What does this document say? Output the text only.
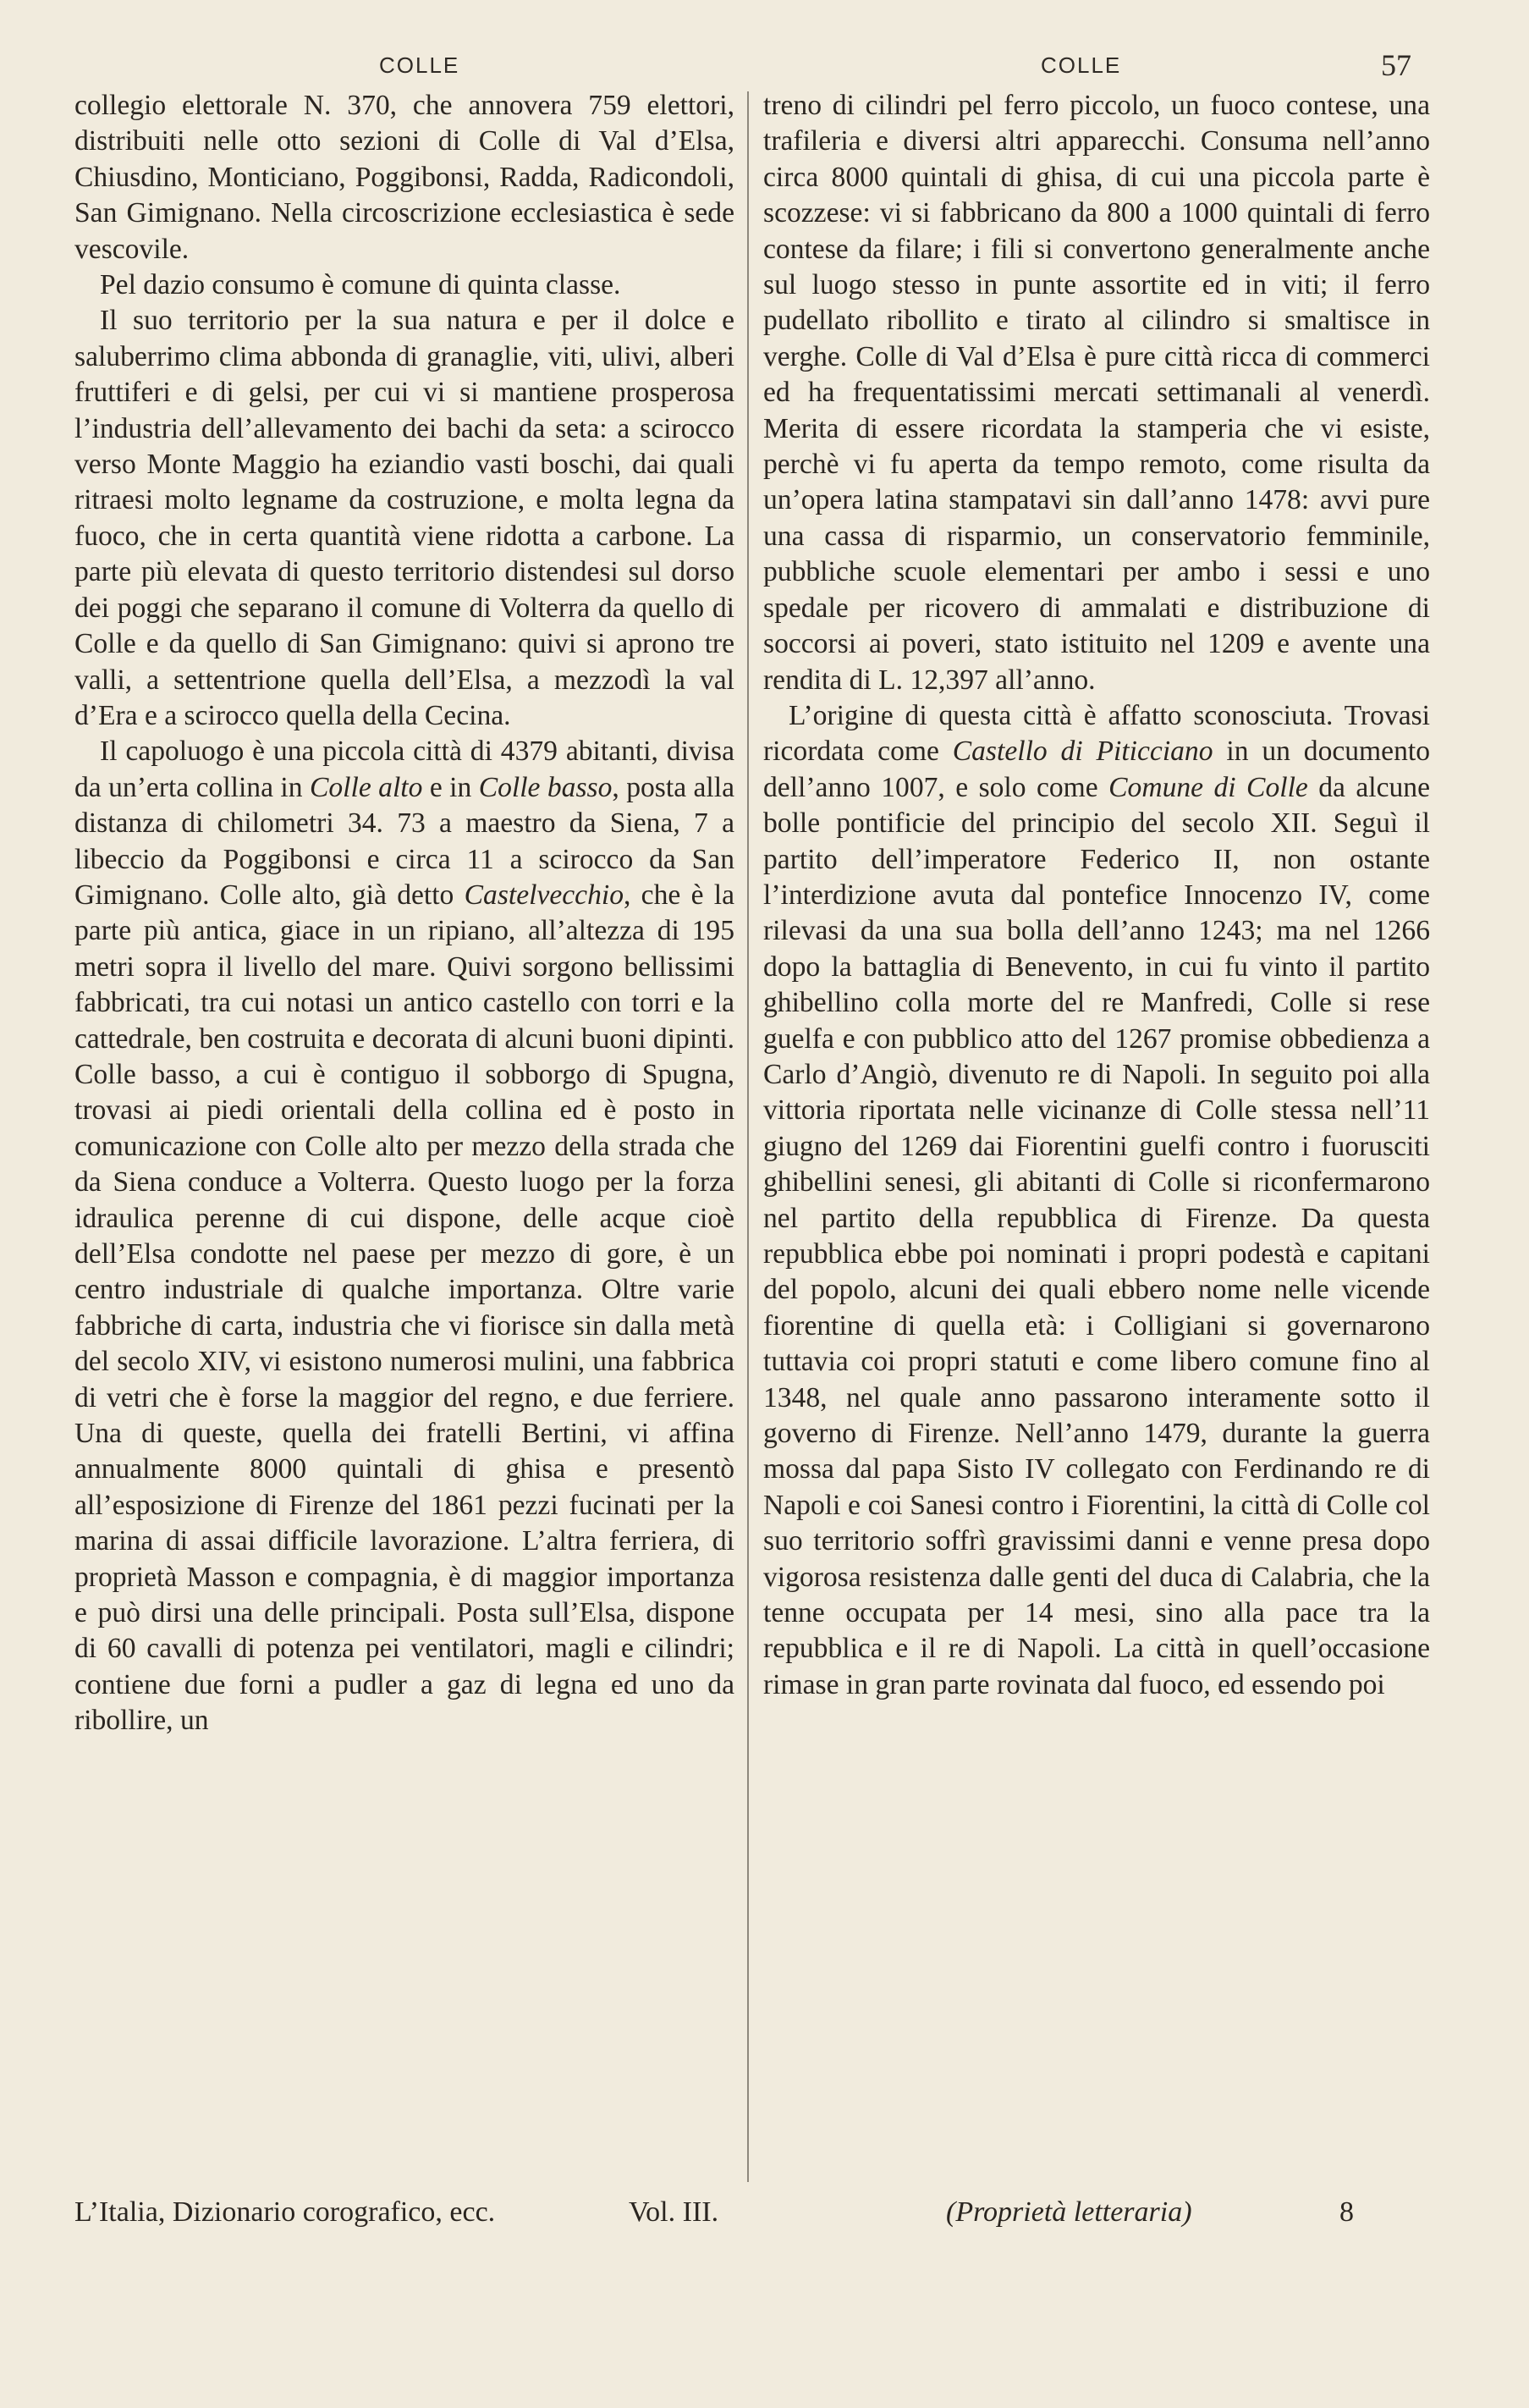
COLLE	COLLE	57

collegio elettorale N. 370, che annovera 759 elettori, distribuiti nelle otto sezioni di Colle di Val d’Elsa, Chiusdino, Monticiano, Poggibonsi, Radda, Radicondoli, San Gimignano. Nella circoscrizione ecclesiastica è sede vescovile.

Pel dazio consumo è comune di quinta classe.

Il suo territorio per la sua natura e per il dolce e saluberrimo clima abbonda di granaglie, viti, ulivi, alberi fruttiferi e di gelsi, per cui vi si mantiene prosperosa l’industria dell’allevamento dei bachi da seta: a scirocco verso Monte Maggio ha eziandio vasti boschi, dai quali ritraesi molto legname da costruzione, e molta legna da fuoco, che in certa quantità viene ridotta a carbone. La parte più elevata di questo territorio distendesi sul dorso dei poggi che separano il comune di Volterra da quello di Colle e da quello di San Gimignano: quivi si aprono tre valli, a settentrione quella dell’Elsa, a mezzodì la val d’Era e a scirocco quella della Cecina.

Il capoluogo è una piccola città di 4379 abitanti, divisa da un’erta collina in Colle alto e in Colle basso, posta alla distanza di chilometri 34. 73 a maestro da Siena, 7 a libeccio da Poggibonsi e circa 11 a scirocco da San Gimignano. Colle alto, già detto Castelvecchio, che è la parte più antica, giace in un ripiano, all’altezza di 195 metri sopra il livello del mare. Quivi sorgono bellissimi fabbricati, tra cui notasi un antico castello con torri e la cattedrale, ben costruita e decorata di alcuni buoni dipinti. Colle basso, a cui è contiguo il sobborgo di Spugna, trovasi ai piedi orientali della collina ed è posto in comunicazione con Colle alto per mezzo della strada che da Siena conduce a Volterra. Questo luogo per la forza idraulica perenne di cui dispone, delle acque cioè dell’Elsa condotte nel paese per mezzo di gore, è un centro industriale di qualche importanza. Oltre varie fabbriche di carta, industria che vi fiorisce sin dalla metà del secolo XIV, vi esistono numerosi mulini, una fabbrica di vetri che è forse la maggior del regno, e due ferriere. Una di queste, quella dei fratelli Bertini, vi affina annualmente 8000 quintali di ghisa e presentò all’esposizione di Firenze del 1861 pezzi fucinati per la marina di assai difficile lavorazione. L’altra ferriera, di proprietà Masson e compagnia, è di maggior importanza e può dirsi una delle principali. Posta sull’Elsa, dispone di 60 cavalli di potenza pei ventilatori, magli e cilindri; contiene due forni a pudler a gaz di legna ed uno da ribollire, un

treno di cilindri pel ferro piccolo, un fuoco contese, una trafileria e diversi altri apparecchi. Consuma nell’anno circa 8000 quintali di ghisa, di cui una piccola parte è scozzese: vi si fabbricano da 800 a 1000 quintali di ferro contese da filare; i fili si convertono generalmente anche sul luogo stesso in punte assortite ed in viti; il ferro pudellato ribollito e tirato al cilindro si smaltisce in verghe. Colle di Val d’Elsa è pure città ricca di commerci ed ha frequentatissimi mercati settimanali al venerdì. Merita di essere ricordata la stamperia che vi esiste, perchè vi fu aperta da tempo remoto, come risulta da un’opera latina stampatavi sin dall’anno 1478: avvi pure una cassa di risparmio, un conservatorio femminile, pubbliche scuole elementari per ambo i sessi e uno spedale per ricovero di ammalati e distribuzione di soccorsi ai poveri, stato istituito nel 1209 e avente una rendita di L. 12,397 all’anno.

L’origine di questa città è affatto sconosciuta. Trovasi ricordata come Castello di Piticciano in un documento dell’anno 1007, e solo come Comune di Colle da alcune bolle pontificie del principio del secolo XII. Seguì il partito dell’imperatore Federico II, non ostante l’interdizione avuta dal pontefice Innocenzo IV, come rilevasi da una sua bolla dell’anno 1243; ma nel 1266 dopo la battaglia di Benevento, in cui fu vinto il partito ghibellino colla morte del re Manfredi, Colle si rese guelfa e con pubblico atto del 1267 promise obbedienza a Carlo d’Angiò, divenuto re di Napoli. In seguito poi alla vittoria riportata nelle vicinanze di Colle stessa nell’11 giugno del 1269 dai Fiorentini guelfi contro i fuorusciti ghibellini senesi, gli abitanti di Colle si riconfermarono nel partito della repubblica di Firenze. Da questa repubblica ebbe poi nominati i propri podestà e capitani del popolo, alcuni dei quali ebbero nome nelle vicende fiorentine di quella età: i Colligiani si governarono tuttavia coi propri statuti e come libero comune fino al 1348, nel quale anno passarono interamente sotto il governo di Firenze. Nell’anno 1479, durante la guerra mossa dal papa Sisto IV collegato con Ferdinando re di Napoli e coi Sanesi contro i Fiorentini, la città di Colle col suo territorio soffrì gravissimi danni e venne presa dopo vigorosa resistenza dalle genti del duca di Calabria, che la tenne occupata per 14 mesi, sino alla pace tra la repubblica e il re di Napoli. La città in quell’occasione rimase in gran parte rovinata dal fuoco, ed essendo poi

L’Italia, Dizionario corografico, ecc.	Vol. III.	(Proprietà letteraria)	8
